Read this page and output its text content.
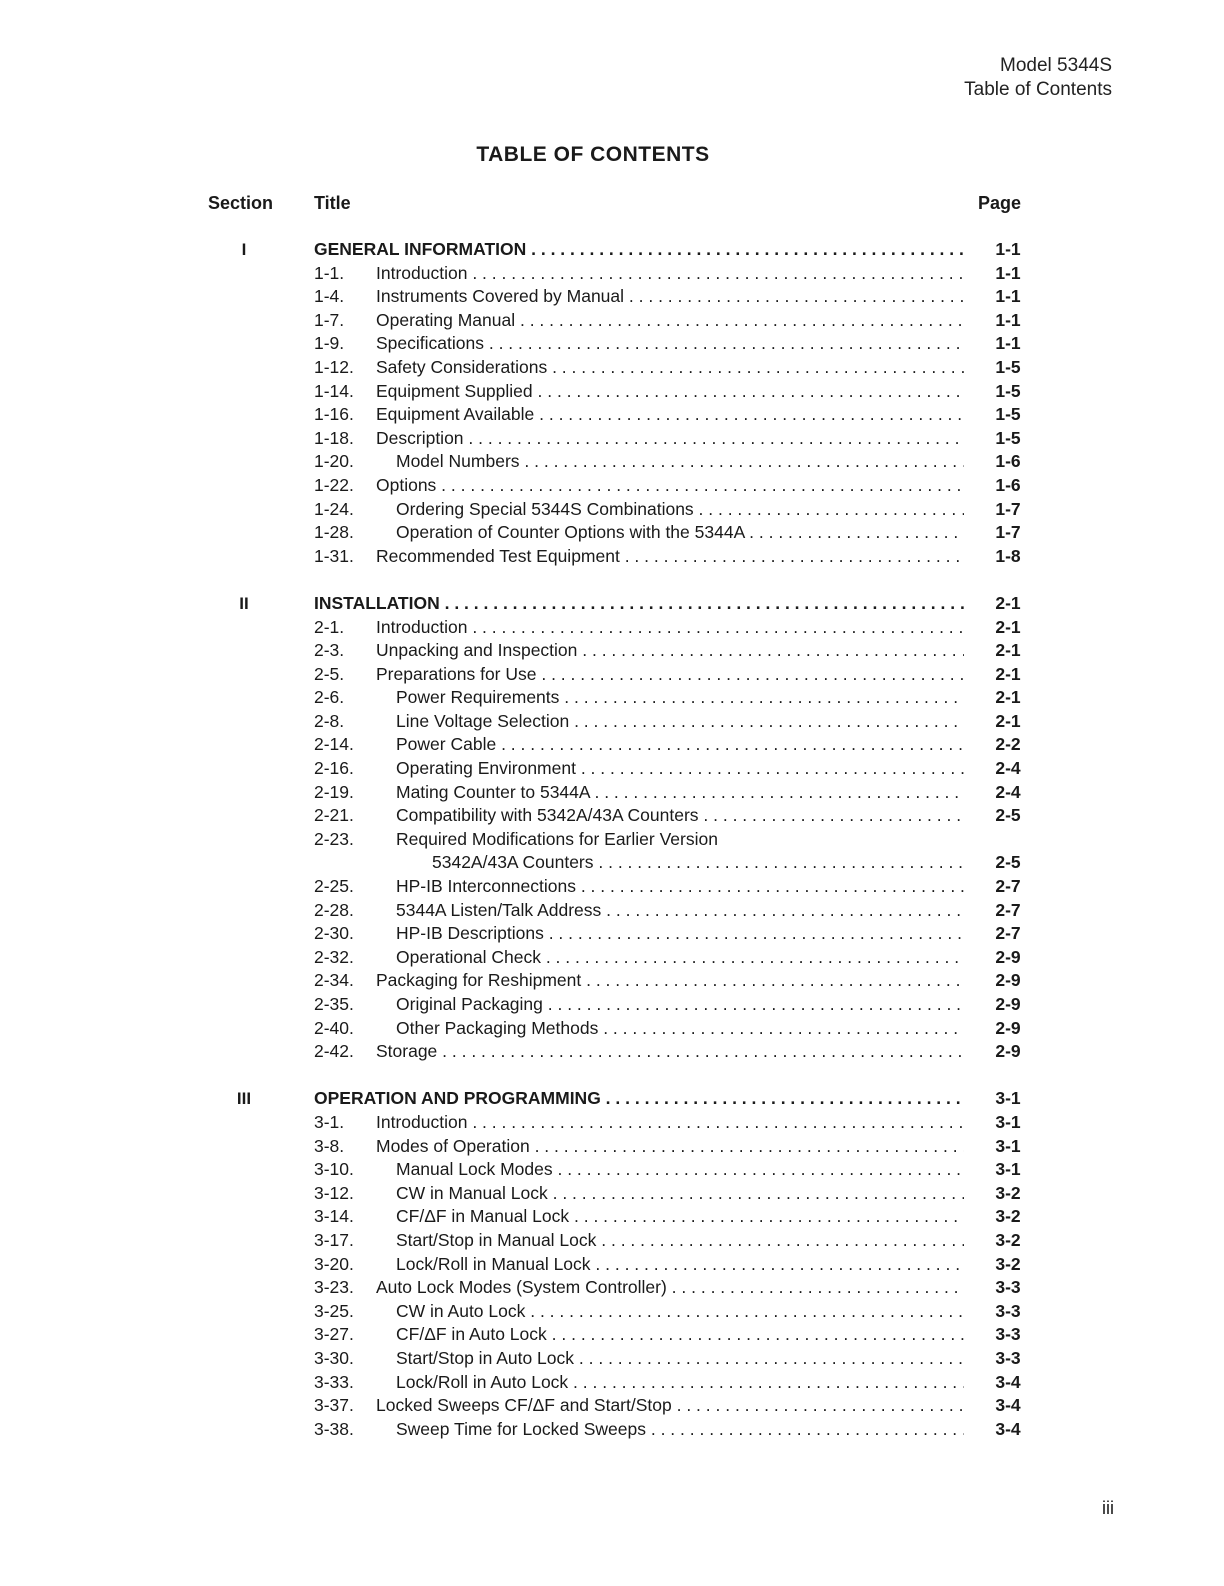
Model 5344S
Table of Contents
TABLE OF CONTENTS
Section Title	Page
I	GENERAL INFORMATION . . .	1-1
1-1. Introduction . . .	1-1
1-4. Instruments Covered by Manual . . .	1-1
1-7. Operating Manual . . .	1-1
1-9. Specifications . . .	1-1
1-12. Safety Considerations . . .	1-5
1-14. Equipment Supplied . . .	1-5
1-16. Equipment Available . . .	1-5
1-18. Description . . .	1-5
1-20. Model Numbers . . .	1-6
1-22. Options . . .	1-6
1-24. Ordering Special 5344S Combinations . . .	1-7
1-28. Operation of Counter Options with the 5344A . . .	1-7
1-31. Recommended Test Equipment . . .	1-8
II	INSTALLATION . . .	2-1
2-1. Introduction . . .	2-1
2-3. Unpacking and Inspection . . .	2-1
2-5. Preparations for Use . . .	2-1
2-6.	Power Requirements . . .	2-1
2-8.	Line Voltage Selection . . .	2-1
2-14. Power Cable . . .	2-2
2-16. Operating Environment . . .	2-4
2-19. Mating Counter to 5344A . . .	2-4
2-21. Compatibility with 5342A/43A Counters . . .	2-5
2-23. Required Modifications for Earlier Version
5342A/43A Counters . . .	2-5
2-25. HP-IB Interconnections . . .	2-7
2-28. 5344A Listen/Talk Address . . .	2-7
2-30. HP-IB Descriptions . . .	2-7
2-32. Operational Check . . .	2-9
2-34. Packaging for Reshipment . . .	2-9
2-35. Original Packaging . . .	2-9
2-40. Other Packaging Methods . . .	2-9
2-42. Storage . . .	2-9
III	OPERATION AND PROGRAMMING . . .	3-1
3-1. Introduction . . .	3-1
3-8. Modes of Operation . . .	3-1
3-10. Manual Lock Modes . . .	3-1
3-12. CW in Manual Lock . . .	3-2
3-14. CF/ΔF in Manual Lock . . .	3-2
3-17. Start/Stop in Manual Lock . . .	3-2
3-20. Lock/Roll in Manual Lock . . .	3-2
3-23. Auto Lock Modes (System Controller) . . .	3-3
3-25. CW in Auto Lock . . .	3-3
3-27. CF/ΔF in Auto Lock . . .	3-3
3-30. Start/Stop in Auto Lock . . .	3-3
3-33. Lock/Roll in Auto Lock . . .	3-4
3-37. Locked Sweeps CF/ΔF and Start/Stop . . .	3-4
3-38. Sweep Time for Locked Sweeps . . .	3-4
iii
